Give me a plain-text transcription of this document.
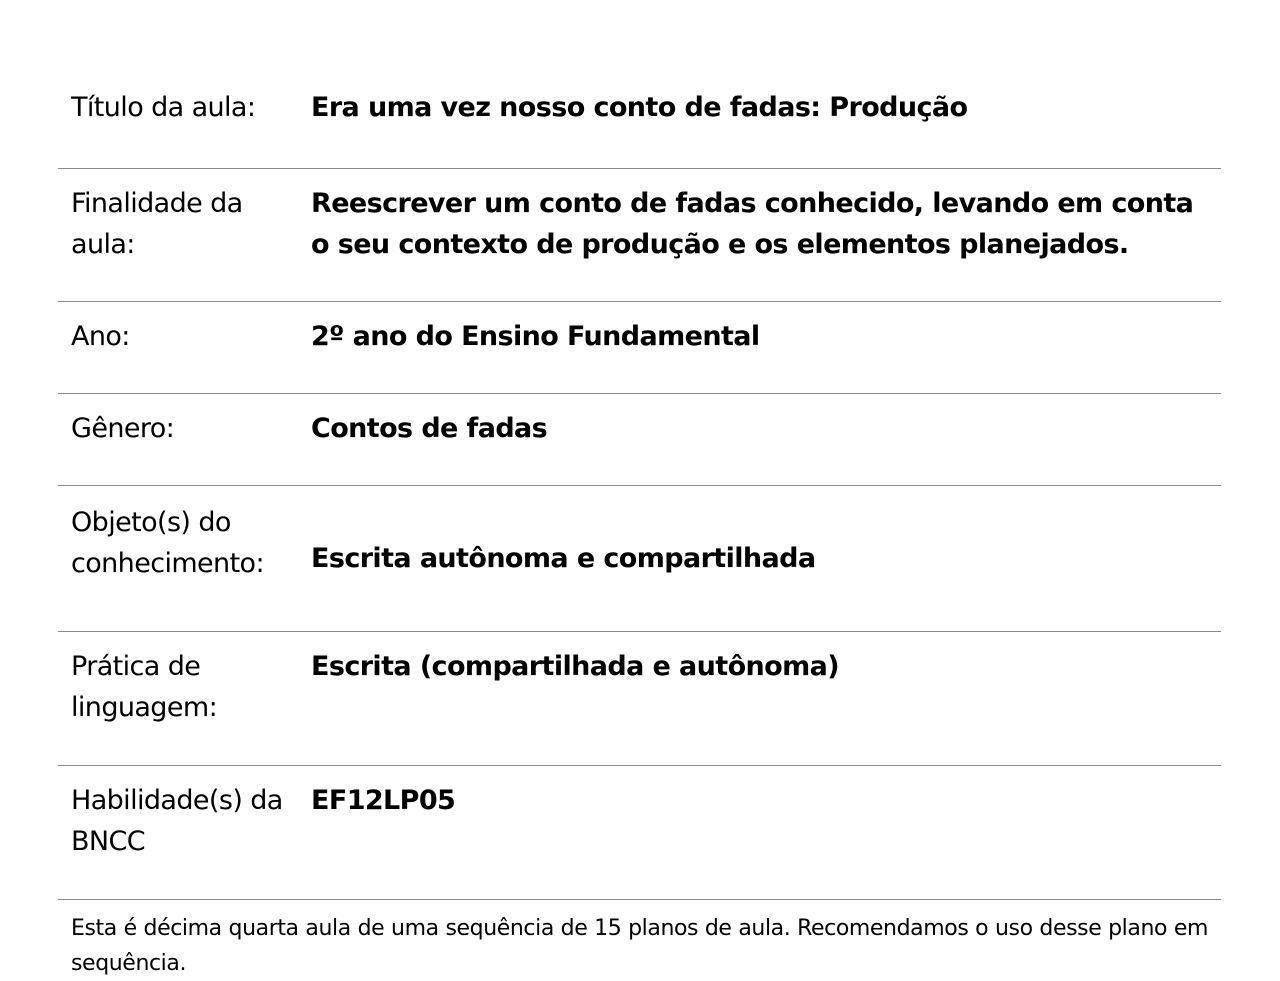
Título da aula:	Era uma vez nosso conto de fadas: Produção
Finalidade da aula:	Reescrever um conto de fadas conhecido, levando em conta o seu contexto de produção e os elementos planejados.
Ano:	2º ano do Ensino Fundamental
Gênero:	Contos de fadas
Objeto(s) do conhecimento:	Escrita autônoma e compartilhada
Prática de linguagem:	Escrita (compartilhada e autônoma)
Habilidade(s) da BNCC	EF12LP05
Esta é décima quarta aula de uma sequência de 15 planos de aula. Recomendamos o uso desse plano em sequência.
